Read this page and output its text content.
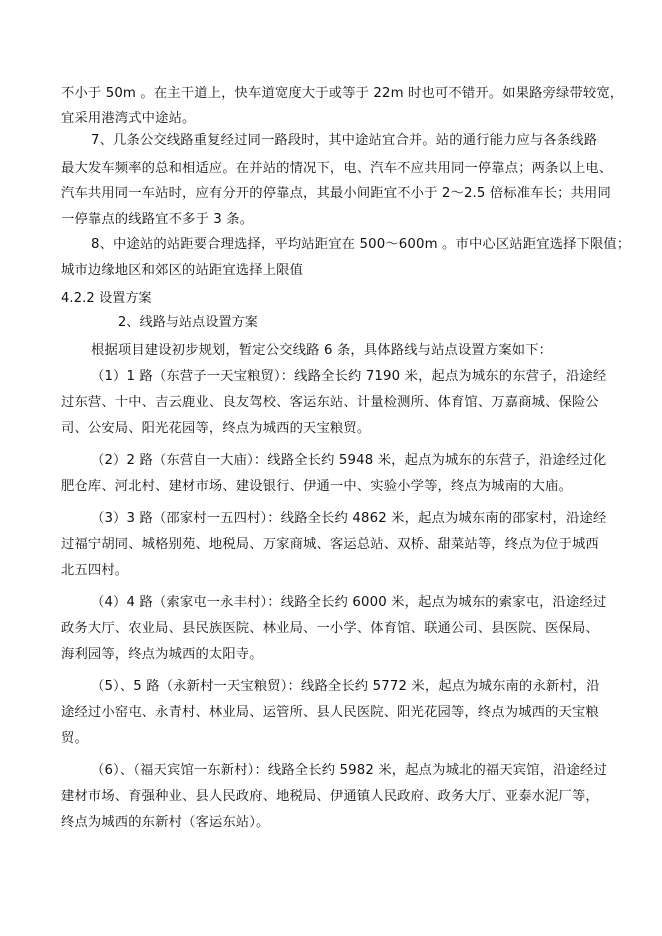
不小于 50m 。在主干道上，快车道宽度大于或等于 22m 时也可不错开。如果路旁绿带较宽，
宜采用港湾式中途站。
7、几条公交线路重复经过同一路段时，其中途站宜合并。站的通行能力应与各条线路
最大发车频率的总和相适应。在并站的情况下，电、汽车不应共用同一停靠点；两条以上电、
汽车共用同一车站时，应有分开的停靠点，其最小间距宜不小于 2～2.5 倍标准车长；共用同
一停靠点的线路宜不多于 3 条。
8、中途站的站距要合理选择，平均站距宜在 500～600m 。市中心区站距宜选择下限值；
城市边缘地区和郊区的站距宜选择上限值
4.2.2 设置方案
2、线路与站点设置方案
根据项目建设初步规划，暂定公交线路 6 条，具体路线与站点设置方案如下：
（1）1 路（东营子一天宝粮贸）：线路全长约 7190 米，起点为城东的东营子，沿途经
过东营、十中、吉云鹿业、良友驾校、客运东站、计量检测所、体育馆、万嘉商城、保险公
司、公安局、阳光花园等，终点为城西的天宝粮贸。
（2）2 路（东营自一大庙）：线路全长约 5948 米，起点为城东的东营子，沿途经过化
肥仓库、河北村、建材市场、建设银行、伊通一中、实验小学等，终点为城南的大庙。
（3）3 路（邵家村一五四村）：线路全长约 4862 米，起点为城东南的邵家村，沿途经
过福宁胡同、城格别苑、地税局、万家商城、客运总站、双桥、甜菜站等，终点为位于城西
北五四村。
（4）4 路（索家屯一永丰村）：线路全长约 6000 米，起点为城东的索家屯，沿途经过
政务大厅、农业局、县民族医院、林业局、一小学、体育馆、联通公司、县医院、医保局、
海利园等，终点为城西的太阳寺。
（5）、5 路（永新村一天宝粮贸）：线路全长约 5772 米，起点为城东南的永新村，沿
途经过小窑屯、永青村、林业局、运管所、县人民医院、阳光花园等，终点为城西的天宝粮
贸。
（6）、（福天宾馆一东新村）：线路全长约 5982 米，起点为城北的福天宾馆，沿途经过
建材市场、育强种业、县人民政府、地税局、伊通镇人民政府、政务大厅、亚泰水泥厂等，
终点为城西的东新村（客运东站）。
